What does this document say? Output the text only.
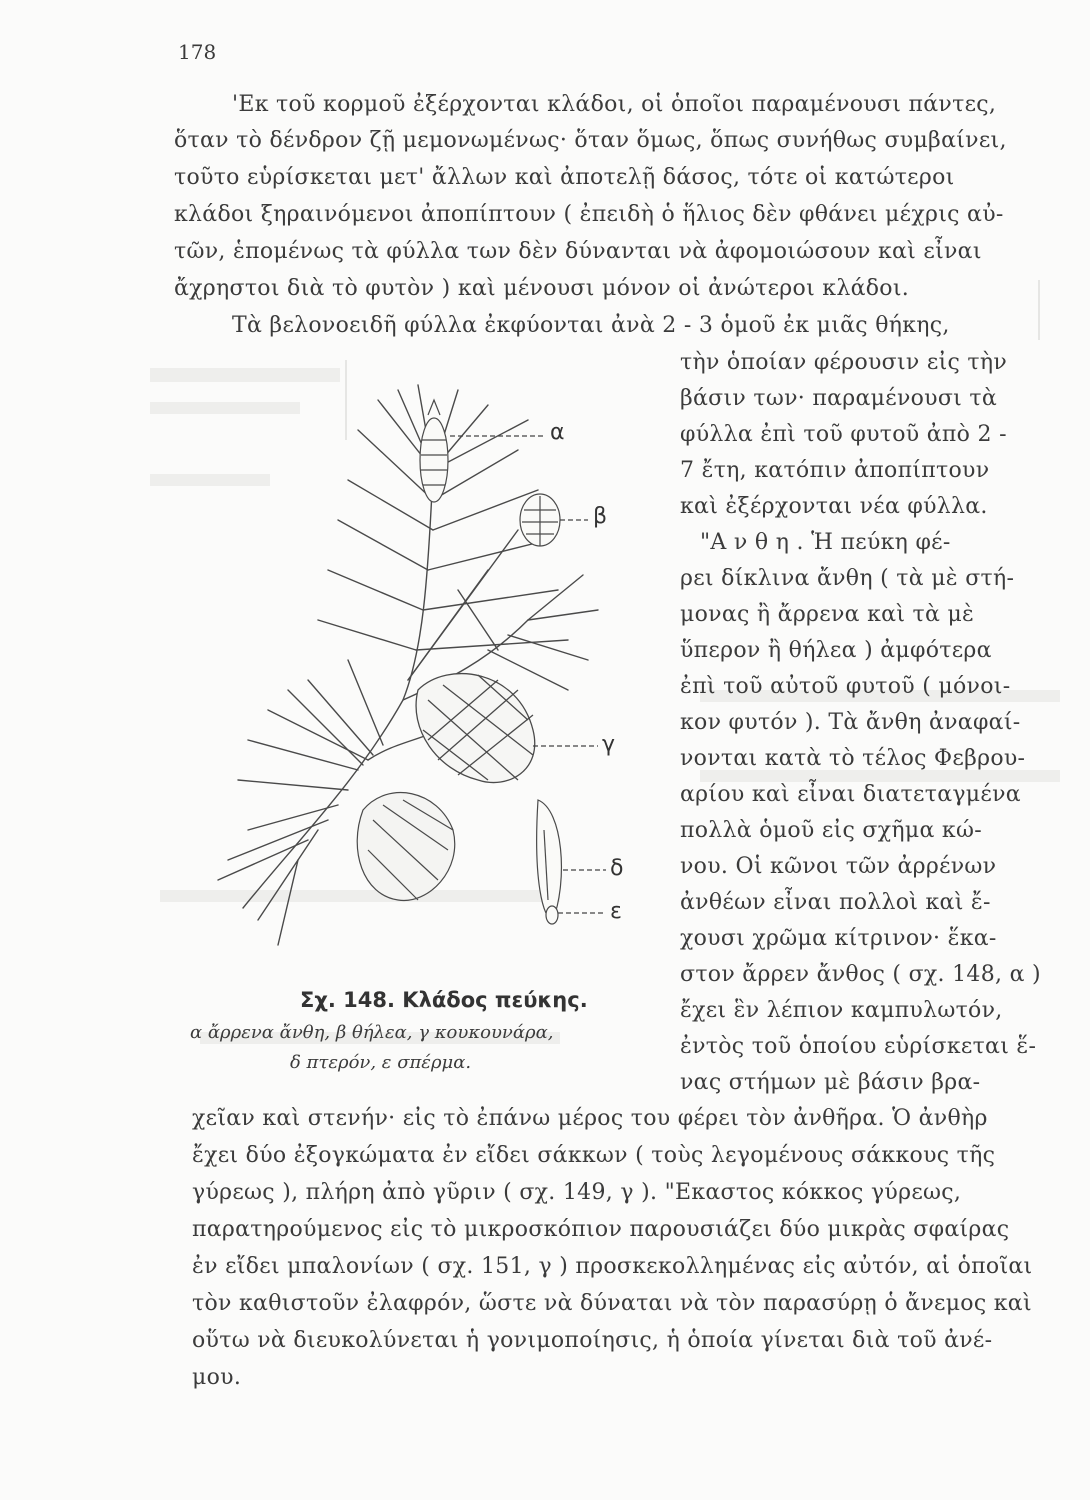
178
'Εκ τοῦ κορμοῦ ἐξέρχονται κλάδοι, οἱ ὁποῖοι παραμένουσι πάντες,
ὅταν τὸ δένδρον ζῇ μεμονωμένως· ὅταν ὅμως, ὅπως συνήθως συμβαίνει,
τοῦτο εὑρίσκεται μετ' ἄλλων καὶ ἀποτελῇ δάσος, τότε οἱ κατώτεροι
κλάδοι ξηραινόμενοι ἀποπίπτουν ( ἐπειδὴ ὁ ἥλιος δὲν φθάνει μέχρις αὐ-
τῶν, ἑπομένως τὰ φύλλα των δὲν δύνανται νὰ ἀφομοιώσουν καὶ εἶναι
ἄχρηστοι διὰ τὸ φυτὸν ) καὶ μένουσι μόνον οἱ ἀνώτεροι κλάδοι.
Τὰ βελονοειδῆ φύλλα ἐκφύονται ἀνὰ 2 - 3 ὁμοῦ ἐκ μιᾶς θήκης,
τὴν ὁποίαν φέρουσιν εἰς τὴν
βάσιν των· παραμένουσι τὰ
φύλλα ἐπὶ τοῦ φυτοῦ ἀπὸ 2 -
7 ἔτη, κατόπιν ἀποπίπτουν
καὶ ἐξέρχονται νέα φύλλα.
"Α ν θ η . Ἡ πεύκη φέ-
ρει δίκλινα ἄνθη ( τὰ μὲ στή-
μονας ἢ ἄρρενα καὶ τὰ μὲ
ὕπερον ἢ θήλεα ) ἀμφότερα
ἐπὶ τοῦ αὐτοῦ φυτοῦ ( μόνοι-
κον φυτόν ). Τὰ ἄνθη ἀναφαί-
νονται κατὰ τὸ τέλος Φεβρου-
αρίου καὶ εἶναι διατεταγμένα
πολλὰ ὁμοῦ εἰς σχῆμα κώ-
νου. Οἱ κῶνοι τῶν ἀρρένων
ἀνθέων εἶναι πολλοὶ καὶ ἔ-
χουσι χρῶμα κίτρινον· ἕκα-
στον ἄρρεν ἄνθος ( σχ. 148, α )
ἔχει ἓν λέπιον καμπυλωτόν,
ἐντὸς τοῦ ὁποίου εὑρίσκεται ἕ-
νας στήμων μὲ βάσιν βρα-
χεῖαν καὶ στενήν· εἰς τὸ ἐπάνω μέρος του φέρει τὸν ἀνθῆρα. Ὁ ἀνθὴρ
ἔχει δύο ἐξογκώματα ἐν εἴδει σάκκων ( τοὺς λεγομένους σάκκους τῆς
γύρεως ), πλήρη ἀπὸ γῦριν ( σχ. 149, γ ). "Εκαστος κόκκος γύρεως,
παρατηρούμενος εἰς τὸ μικροσκόπιον παρουσιάζει δύο μικρὰς σφαίρας
ἐν εἴδει μπαλονίων ( σχ. 151, γ ) προσκεκολλημένας εἰς αὐτόν, αἱ ὁποῖαι
τὸν καθιστοῦν ἐλαφρόν, ὥστε νὰ δύναται νὰ τὸν παρασύρῃ ὁ ἄνεμος καὶ
οὕτω νὰ διευκολύνεται ἡ γονιμοποίησις, ἡ ὁποία γίνεται διὰ τοῦ ἀνέ-
μου.
α
β
γ
δ
ε
Σχ. 148. Κλάδος πεύκης.
α ἄρρενα ἄνθη, β θήλεα, γ κουκουνάρα,
δ πτερόν, ε σπέρμα.
